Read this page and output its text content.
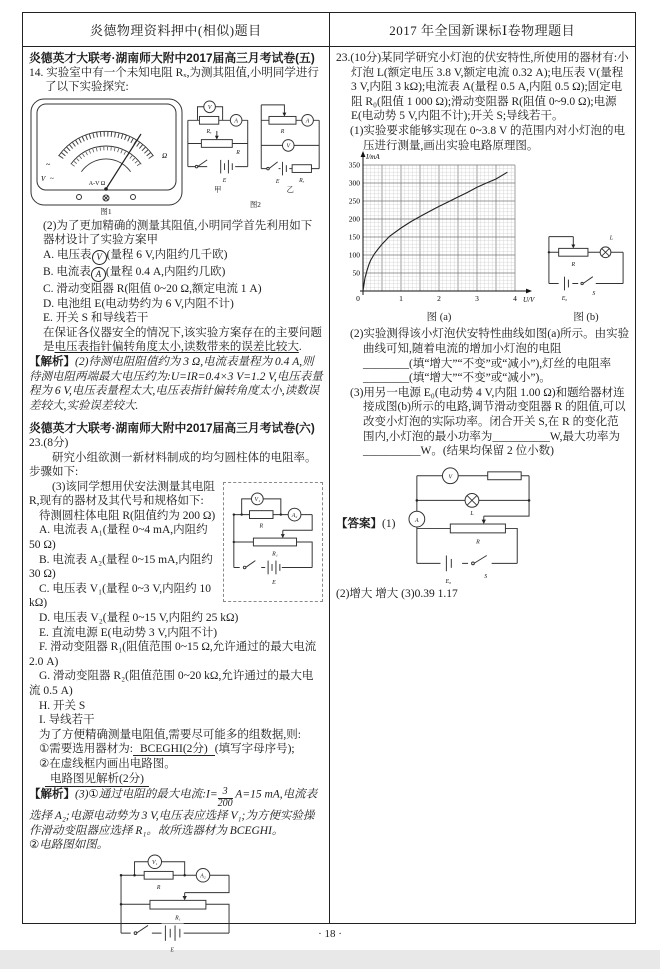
炎德物理资料押中(相似)题目	2017 年全国新课标Ⅰ卷物理题目

炎德英才大联考·湖南师大附中2017届高三月考试卷(五)

14. 实验室中有一个未知电阻 Rₓ,为测其阻值,小明同学进行了以下实验探究:

Ω
~
V ~
A-V Ω
图1
V
Rₓ
A
R
E
甲
R
A
V
E	Rₓ
乙
图2

(2)为了更加精确的测量其阻值,小明同学首先利用如下器材设计了实验方案甲

A. 电压表 V (量程 6 V,内阻约几千欧)

B. 电流表 A (量程 0.4 A,内阻约几欧)

C. 滑动变阻器 R(阻值 0~20 Ω,额定电流 1 A)

D. 电池组 E(电动势约为 6 V,内阻不计)

E. 开关 S 和导线若干

在保证各仪器安全的情况下,该实验方案存在的主要问题是电压表指针偏转角度太小,读数带来的误差比较大.

【解析】(2)待测电阻阻值约为 3 Ω,电流表量程为 0.4 A,则待测电阻两端最大电压约为:U=IR=0.4×3 V=1.2 V,电压表量程为 6 V,电压表量程太大,电压表指针偏转角度太小,读数误差较大,实验误差较大.

炎德英才大联考·湖南师大附中2017届高三月考试卷(六)

23.(8分)

研究小组欲测一新材料制成的均匀圆柱体的电阻率。步骤如下:

V₁
R
A₂
R₁
E

(3)该同学想用伏安法测量其电阻 R,现有的器材及其代号和规格如下:

待测圆柱体电阻 R(阻值约为 200 Ω)

A. 电流表 A₁(量程 0~4 mA,内阻约 50 Ω)

B. 电流表 A₂(量程 0~15 mA,内阻约 30 Ω)

C. 电压表 V₁(量程 0~3 V,内阻约 10 kΩ)

D. 电压表 V₂(量程 0~15 V,内阻约 25 kΩ)

E. 直流电源 E(电动势 3 V,内阻不计)

F. 滑动变阻器 R₁(阻值范围 0~15 Ω,允许通过的最大电流 2.0 A)

G. 滑动变阻器 R₂(阻值范围 0~20 kΩ,允许通过的最大电流 0.5 A)

H. 开关 S

I. 导线若干

为了方便精确测量电阻值,需要尽可能多的组数据,则:

①需要选用器材为: BCEGHI(2分) (填写字母序号);

②在虚线框内画出电路图。

电路图见解析(2分)

【解析】(3)①通过电阻的最大电流:I= $\frac{3}{200} A=15$ mA,电流表选择 A₂;电源电动势为 3 V,电压表应选择 V₁;为方便实验操作滑动变阻器应选择 R₁。故所选器材为 BCEGHI。

②电路图如图。

V₁
R
A₂
R₁
E

23.(10分)某同学研究小灯泡的伏安特性,所使用的器材有:小灯泡 L(额定电压 3.8 V,额定电流 0.32 A);电压表 V(量程 3 V,内阻 3 kΩ);电流表 A(量程 0.5 A,内阻 0.5 Ω);固定电阻 R₀(阻值 1 000 Ω);滑动变阻器 R(阻值 0~9.0 Ω);电源 E(电动势 5 V,内阻不计);开关 S;导线若干。

(1)实验要求能够实现在 0~3.8 V 的范围内对小灯泡的电压进行测量,画出实验电路原理图。

50
100
150
200
250
300
350
0	1	2	3	4
I/mA
U/V
图 (a)
R
L
E₀
S
图 (b)

(2)实验测得该小灯泡伏安特性曲线如图(a)所示。由实验曲线可知,随着电流的增加小灯泡的电阻________(填“增大”“不变”或“减小”),灯丝的电阻率________(填“增大”“不变”或“减小”)。

(3)用另一电源 E₀(电动势 4 V,内阻 1.00 Ω)和题给器材连接成图(b)所示的电路,调节滑动变阻器 R 的阻值,可以改变小灯泡的实际功率。闭合开关 S,在 R 的变化范围内,小灯泡的最小功率为__________W,最大功率为__________W。(结果均保留 2 位小数)

【答案】(1)

V
L
A
R
E₀
S

(2)增大 增大 (3)0.39 1.17

· 18 ·
